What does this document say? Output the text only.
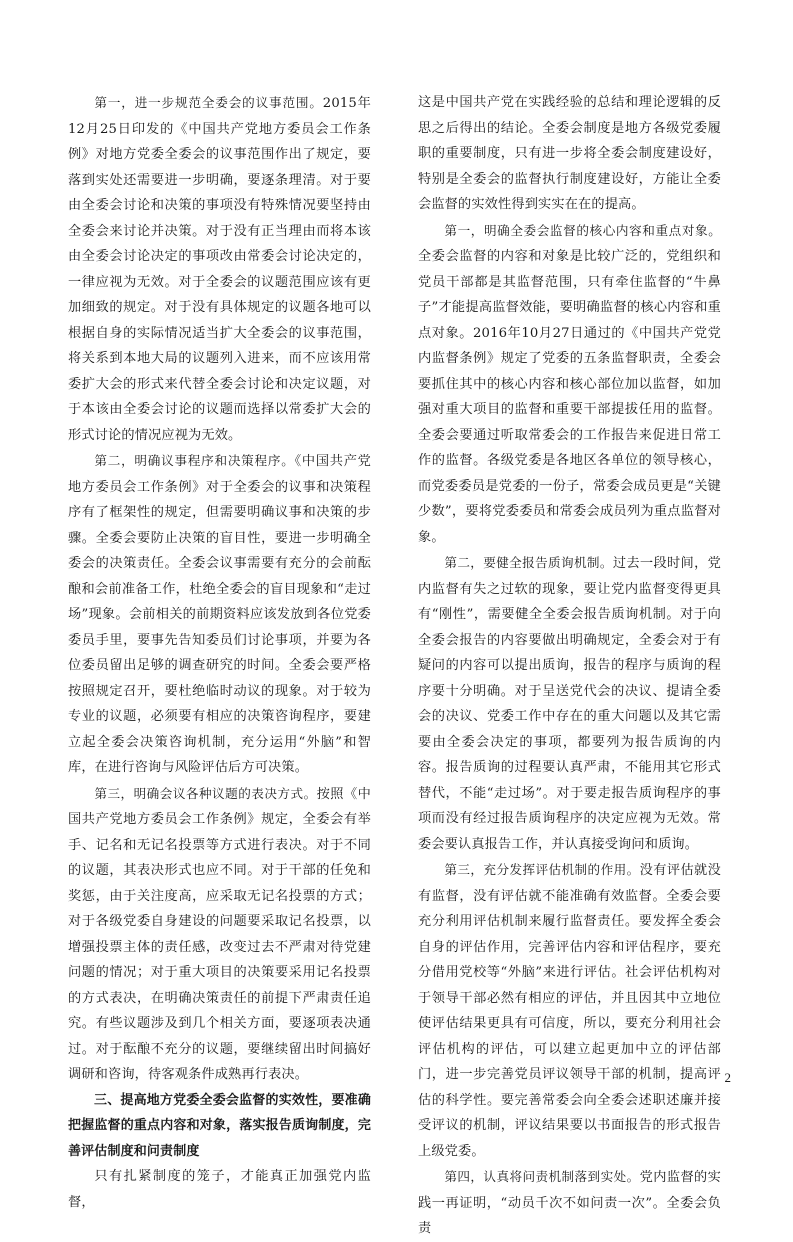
第一，进一步规范全委会的议事范围。2015年12月25日印发的《中国共产党地方委员会工作条例》对地方党委全委会的议事范围作出了规定，要落到实处还需要进一步明确，要逐条理清。对于要由全委会讨论和决策的事项没有特殊情况要坚持由全委会来讨论并决策。对于没有正当理由而将本该由全委会讨论决定的事项改由常委会讨论决定的，一律应视为无效。对于全委会的议题范围应该有更加细致的规定。对于没有具体规定的议题各地可以根据自身的实际情况适当扩大全委会的议事范围，将关系到本地大局的议题列入进来，而不应该用常委扩大会的形式来代替全委会讨论和决定议题，对于本该由全委会讨论的议题而选择以常委扩大会的形式讨论的情况应视为无效。

第二，明确议事程序和决策程序。《中国共产党地方委员会工作条例》对于全委会的议事和决策程序有了框架性的规定，但需要明确议事和决策的步骤。全委会要防止决策的盲目性，要进一步明确全委会的决策责任。全委会议事需要有充分的会前酝酿和会前准备工作，杜绝全委会的盲目现象和“走过场”现象。会前相关的前期资料应该发放到各位党委委员手里，要事先告知委员们讨论事项，并要为各位委员留出足够的调查研究的时间。全委会要严格按照规定召开，要杜绝临时动议的现象。对于较为专业的议题，必须要有相应的决策咨询程序，要建立起全委会决策咨询机制，充分运用“外脑”和智库，在进行咨询与风险评估后方可决策。

第三，明确会议各种议题的表决方式。按照《中国共产党地方委员会工作条例》规定，全委会有举手、记名和无记名投票等方式进行表决。对于不同的议题，其表决形式也应不同。对于干部的任免和奖惩，由于关注度高，应采取无记名投票的方式；对于各级党委自身建设的问题要采取记名投票，以增强投票主体的责任感，改变过去不严肃对待党建问题的情况；对于重大项目的决策要采用记名投票的方式表决，在明确决策责任的前提下严肃责任追究。有些议题涉及到几个相关方面，要逐项表决通过。对于酝酿不充分的议题，要继续留出时间搞好调研和咨询，待客观条件成熟再行表决。

三、提高地方党委全委会监督的实效性，要准确把握监督的重点内容和对象，落实报告质询制度，完善评估制度和问责制度

只有扎紧制度的笼子，才能真正加强党内监督，

这是中国共产党在实践经验的总结和理论逻辑的反思之后得出的结论。全委会制度是地方各级党委履职的重要制度，只有进一步将全委会制度建设好，特别是全委会的监督执行制度建设好，方能让全委会监督的实效性得到实实在在的提高。

第一，明确全委会监督的核心内容和重点对象。全委会监督的内容和对象是比较广泛的，党组织和党员干部都是其监督范围，只有牵住监督的“牛鼻子”才能提高监督效能，要明确监督的核心内容和重点对象。2016年10月27日通过的《中国共产党党内监督条例》规定了党委的五条监督职责，全委会要抓住其中的核心内容和核心部位加以监督，如加强对重大项目的监督和重要干部提拔任用的监督。全委会要通过听取常委会的工作报告来促进日常工作的监督。各级党委是各地区各单位的领导核心，而党委委员是党委的一份子，常委会成员更是“关键少数”，要将党委委员和常委会成员列为重点监督对象。

第二，要健全报告质询机制。过去一段时间，党内监督有失之过软的现象，要让党内监督变得更具有“刚性”，需要健全全委会报告质询机制。对于向全委会报告的内容要做出明确规定，全委会对于有疑问的内容可以提出质询，报告的程序与质询的程序要十分明确。对于呈送党代会的决议、提请全委会的决议、党委工作中存在的重大问题以及其它需要由全委会决定的事项，都要列为报告质询的内容。报告质询的过程要认真严肃，不能用其它形式替代，不能“走过场”。对于要走报告质询程序的事项而没有经过报告质询程序的决定应视为无效。常委会要认真报告工作，并认真接受询问和质询。

第三，充分发挥评估机制的作用。没有评估就没有监督，没有评估就不能准确有效监督。全委会要充分利用评估机制来履行监督责任。要发挥全委会自身的评估作用，完善评估内容和评估程序，要充分借用党校等“外脑”来进行评估。社会评估机构对于领导干部必然有相应的评估，并且因其中立地位使评估结果更具有可信度，所以，要充分利用社会评估机构的评估，可以建立起更加中立的评估部门，进一步完善党员评议领导干部的机制，提高评估的科学性。要完善常委会向全委会述职述廉并接受评议的机制，评议结果要以书面报告的形式报告上级党委。

第四，认真将问责机制落到实处。党内监督的实践一再证明，“动员千次不如问责一次”。全委会负责

2
